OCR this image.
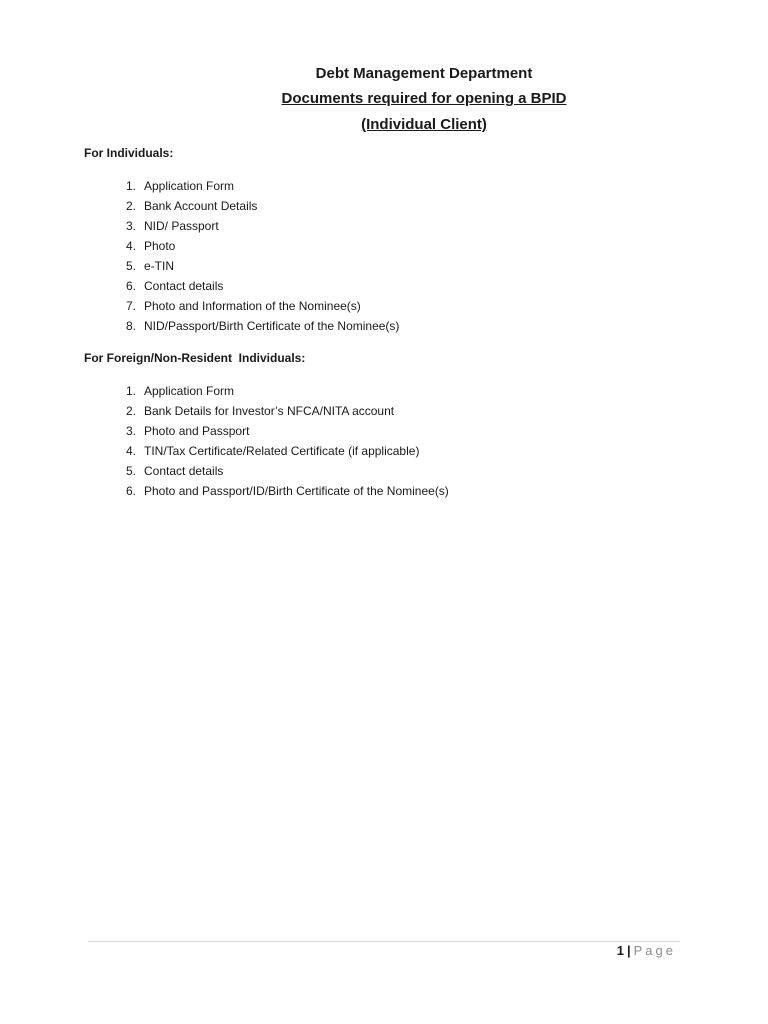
Debt Management Department

Documents required for opening a BPID

(Individual Client)

For Individuals:

1 . Application Form
2 . Bank Account Details
3 . NID/ Passport
4 . Photo
5 . e-TIN
6 . Contact details
7 . Photo and Information of the Nominee(s)
8 . NID/Passport/Birth Certificate of the Nominee(s)

For Foreign/Non-Resident  Individuals:

1 . Application Form
2 . Bank Details for Investor’s NFCA/NITA account
3 . Photo and Passport
4 . TIN/Tax Certificate/Related Certificate (if applicable)
5 . Contact details
6 . Photo and Passport/ID/Birth Certificate of the Nominee(s)
1 | Page
